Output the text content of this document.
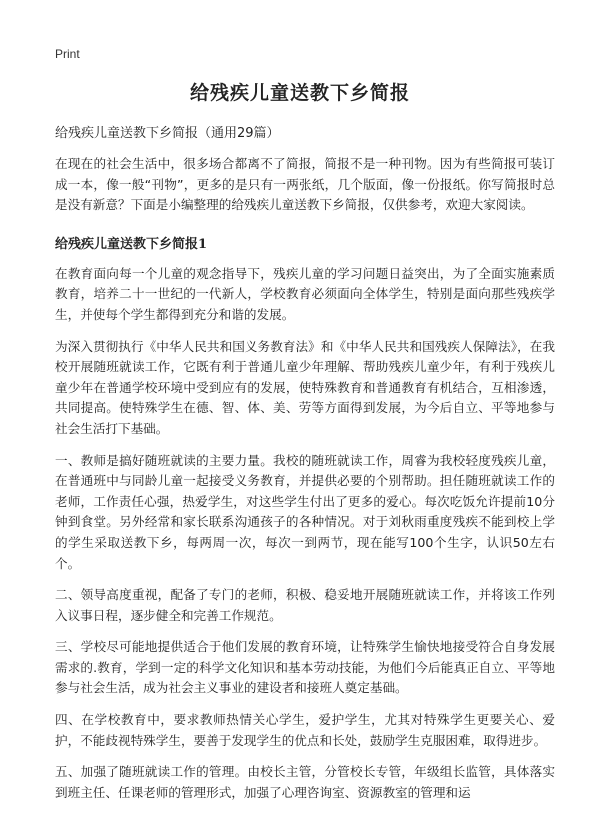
Print
给残疾儿童送教下乡简报
给残疾儿童送教下乡简报（通用29篇）

在现在的社会生活中，很多场合都离不了简报，简报不是一种刊物。因为有些简报可装订成一本，像一般“刊物”，更多的是只有一两张纸，几个版面，像一份报纸。你写简报时总是没有新意？下面是小编整理的给残疾儿童送教下乡简报，仅供参考，欢迎大家阅读。

给残疾儿童送教下乡简报1

在教育面向每一个儿童的观念指导下，残疾儿童的学习问题日益突出，为了全面实施素质教育，培养二十一世纪的一代新人，学校教育必须面向全体学生，特别是面向那些残疾学生，并使每个学生都得到充分和谐的发展。

为深入贯彻执行《中华人民共和国义务教育法》和《中华人民共和国残疾人保障法》，在我校开展随班就读工作，它既有利于普通儿童少年理解、帮助残疾儿童少年，有利于残疾儿童少年在普通学校环境中受到应有的发展，使特殊教育和普通教育有机结合，互相渗透，共同提高。使特殊学生在德、智、体、美、劳等方面得到发展，为今后自立、平等地参与社会生活打下基础。

一、教师是搞好随班就读的主要力量。我校的随班就读工作，周睿为我校轻度残疾儿童，在普通班中与同龄儿童一起接受义务教育，并提供必要的个别帮助。担任随班就读工作的老师，工作责任心强，热爱学生，对这些学生付出了更多的爱心。每次吃饭允许提前10分钟到食堂。另外经常和家长联系沟通孩子的各种情况。对于刘秋雨重度残疾不能到校上学的学生采取送教下乡，每两周一次，每次一到两节，现在能写100个生字，认识50左右个。

二、领导高度重视，配备了专门的老师，积极、稳妥地开展随班就读工作，并将该工作列入议事日程，逐步健全和完善工作规范。

三、学校尽可能地提供适合于他们发展的教育环境，让特殊学生愉快地接受符合自身发展需求的.教育，学到一定的科学文化知识和基本劳动技能，为他们今后能真正自立、平等地参与社会生活，成为社会主义事业的建设者和接班人奠定基础。

四、在学校教育中，要求教师热情关心学生，爱护学生，尤其对特殊学生更要关心、爱护，不能歧视特殊学生，要善于发现学生的优点和长处，鼓励学生克服困难，取得进步。

五、加强了随班就读工作的管理。由校长主管，分管校长专管，年级组长监管，具体落实到班主任、任课老师的管理形式，加强了心理咨询室、资源教室的管理和运
